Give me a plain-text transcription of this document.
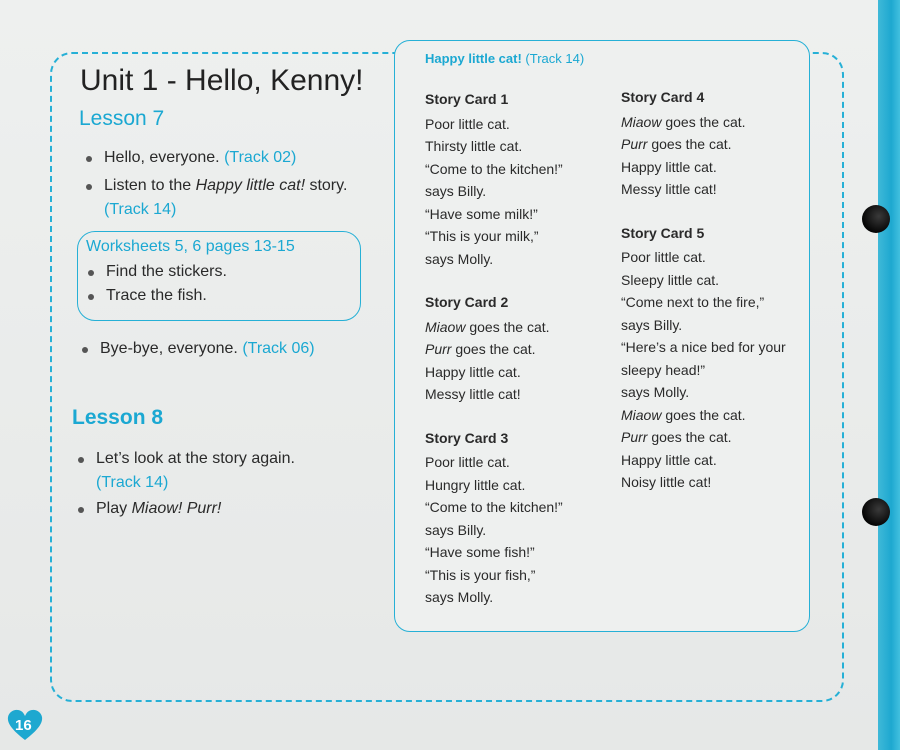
Unit 1 - Hello, Kenny!
Lesson 7
Hello, everyone. (Track 02)
Listen to the Happy little cat! story.
(Track 14)
Worksheets 5, 6 pages 13-15
Find the stickers.
Trace the fish.
Bye-bye, everyone. (Track 06)
Lesson 8
Let’s look at the story again.
(Track 14)
Play Miaow! Purr!
Happy little cat! (Track 14)
Story Card 1
Poor little cat.
Thirsty little cat.
“Come to the kitchen!”
says Billy.
“Have some milk!”
“This is your milk,”
says Molly.
Story Card 2
Miaow goes the cat.
Purr goes the cat.
Happy little cat.
Messy little cat!
Story Card 3
Poor little cat.
Hungry little cat.
“Come to the kitchen!”
says Billy.
“Have some fish!”
“This is your fish,”
says Molly.
Story Card 4
Miaow goes the cat.
Purr goes the cat.
Happy little cat.
Messy little cat!
Story Card 5
Poor little cat.
Sleepy little cat.
“Come next to the fire,”
says Billy.
“Here’s a nice bed for your
sleepy head!”
says Molly.
Miaow goes the cat.
Purr goes the cat.
Happy little cat.
Noisy little cat!
16
